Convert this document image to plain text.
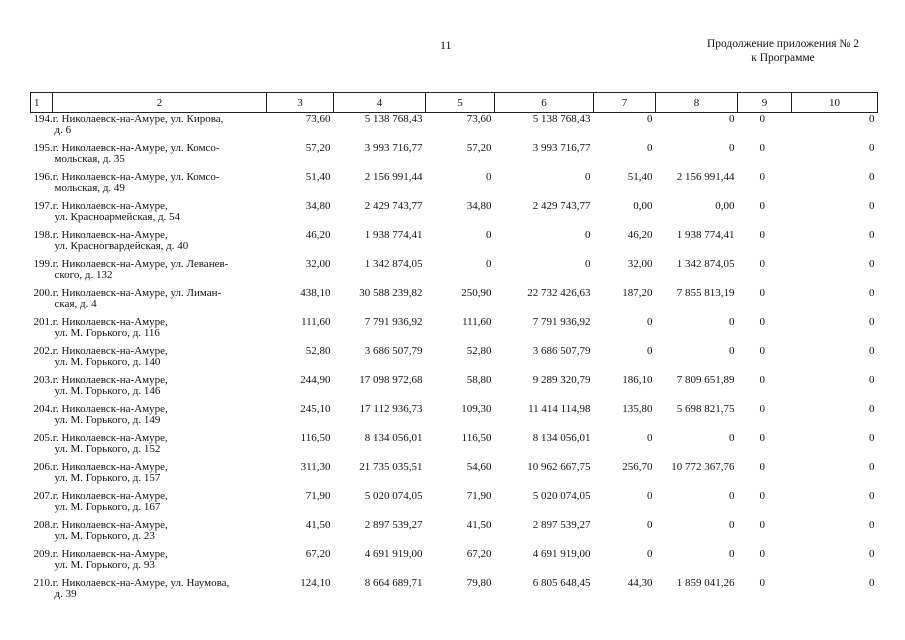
11	Продолжение приложения № 2
к Программе
1	2	3	4	5	6	7	8	9	10
194.г. Николаевск-на-Амуре, ул. Кирова,
д. 6		73,60	5 138 768,43	73,60	5 138 768,43	0	0	0	0
195.г. Николаевск-на-Амуре, ул. Комсо-
мольская, д. 35		57,20	3 993 716,77	57,20	3 993 716,77	0	0	0	0
196.г. Николаевск-на-Амуре, ул. Комсо-
мольская, д. 49		51,40	2 156 991,44	0	0	51,40	2 156 991,44	0	0
197.г. Николаевск-на-Амуре,
ул. Красноармейская, д. 54		34,80	2 429 743,77	34,80	2 429 743,77	0,00	0,00	0	0
198.г. Николаевск-на-Амуре,
ул. Красногвардейская, д. 40		46,20	1 938 774,41	0	0	46,20	1 938 774,41	0	0
199.г. Николаевск-на-Амуре, ул. Леванев-
ского, д. 132		32,00	1 342 874,05	0	0	32,00	1 342 874,05	0	0
200.г. Николаевск-на-Амуре, ул. Лиман-
ская, д. 4		438,10	30 588 239,82	250,90	22 732 426,63	187,20	7 855 813,19	0	0
201.г. Николаевск-на-Амуре,
ул. М. Горького, д. 116		111,60	7 791 936,92	111,60	7 791 936,92	0	0	0	0
202.г. Николаевск-на-Амуре,
ул. М. Горького, д. 140		52,80	3 686 507,79	52,80	3 686 507,79	0	0	0	0
203.г. Николаевск-на-Амуре,
ул. М. Горького, д. 146		244,90	17 098 972,68	58,80	9 289 320,79	186,10	7 809 651,89	0	0
204.г. Николаевск-на-Амуре,
ул. М. Горького, д. 149		245,10	17 112 936,73	109,30	11 414 114,98	135,80	5 698 821,75	0	0
205.г. Николаевск-на-Амуре,
ул. М. Горького, д. 152		116,50	8 134 056,01	116,50	8 134 056,01	0	0	0	0
206.г. Николаевск-на-Амуре,
ул. М. Горького, д. 157		311,30	21 735 035,51	54,60	10 962 667,75	256,70	10 772 367,76	0	0
207.г. Николаевск-на-Амуре,
ул. М. Горького, д. 167		71,90	5 020 074,05	71,90	5 020 074,05	0	0	0	0
208.г. Николаевск-на-Амуре,
ул. М. Горького, д. 23		41,50	2 897 539,27	41,50	2 897 539,27	0	0	0	0
209.г. Николаевск-на-Амуре,
ул. М. Горького, д. 93		67,20	4 691 919,00	67,20	4 691 919,00	0	0	0	0
210.г. Николаевск-на-Амуре, ул. Наумова,
д. 39		124,10	8 664 689,71	79,80	6 805 648,45	44,30	1 859 041,26	0	0
